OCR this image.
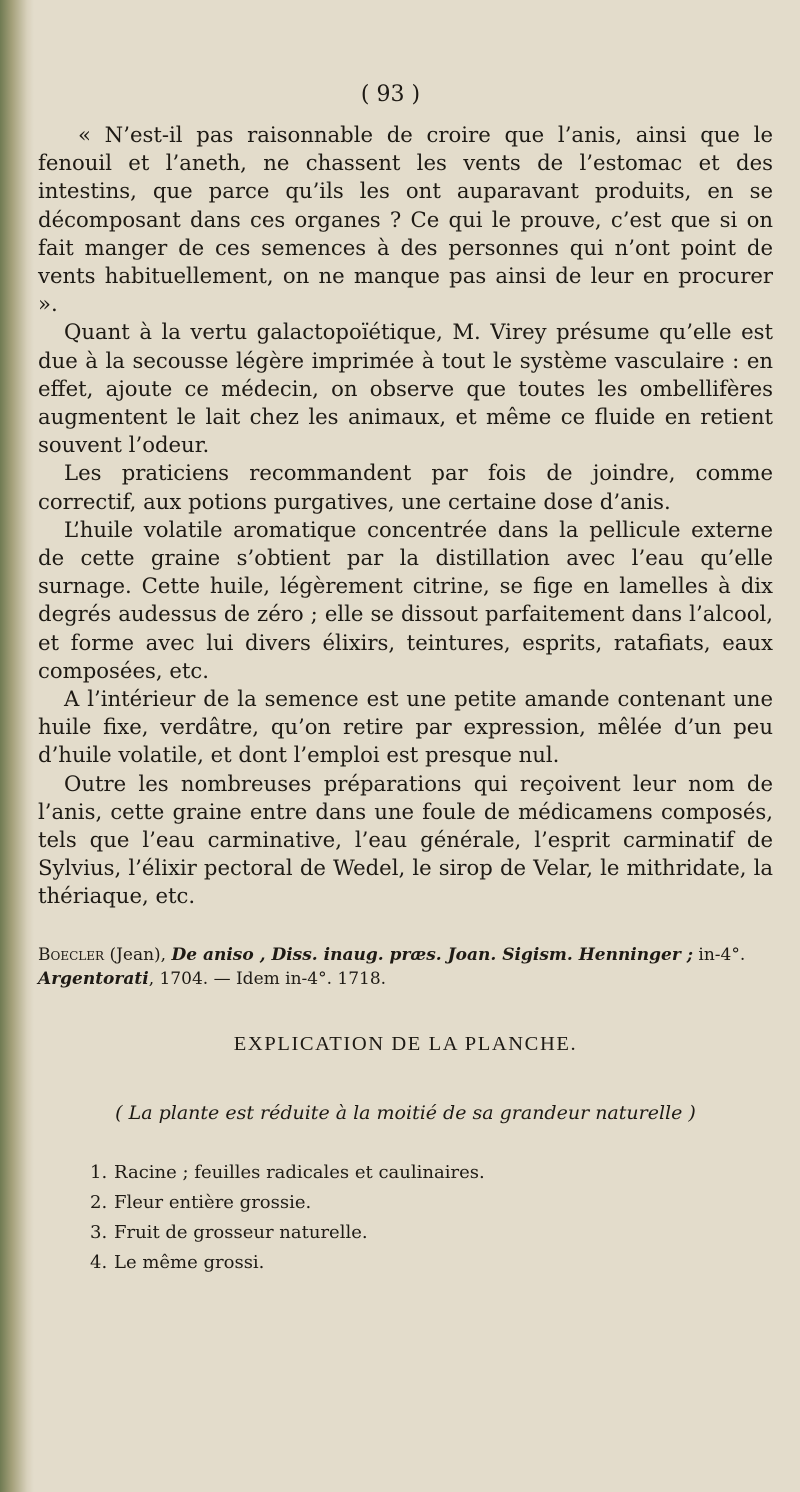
( 93 )

« N’est-il pas raisonnable de croire que l’anis, ainsi que le fenouil et l’aneth, ne chassent les vents de l’estomac et des intestins, que parce qu’ils les ont auparavant produits, en se décomposant dans ces organes ? Ce qui le prouve, c’est que si on fait manger de ces semences à des personnes qui n’ont point de vents habituellement, on ne manque pas ainsi de leur en procurer ».

Quant à la vertu galactopoïétique, M. Virey présume qu’elle est due à la secousse légère imprimée à tout le système vasculaire : en effet, ajoute ce médecin, on observe que toutes les ombellifères augmentent le lait chez les animaux, et même ce fluide en retient souvent l’odeur.

Les praticiens recommandent par fois de joindre, comme correctif, aux potions purgatives, une certaine dose d’anis.

L’huile volatile aromatique concentrée dans la pellicule externe de cette graine s’obtient par la distillation avec l’eau qu’elle surnage. Cette huile, légèrement citrine, se fige en lamelles à dix degrés audessus de zéro ; elle se dissout parfaitement dans l’alcool, et forme avec lui divers élixirs, teintures, esprits, ratafiats, eaux composées, etc.

A l’intérieur de la semence est une petite amande contenant une huile fixe, verdâtre, qu’on retire par expression, mêlée d’un peu d’huile volatile, et dont l’emploi est presque nul.

Outre les nombreuses préparations qui reçoivent leur nom de l’anis, cette graine entre dans une foule de médicamens composés, tels que l’eau carminative, l’eau générale, l’esprit carminatif de Sylvius, l’élixir pectoral de Wedel, le sirop de Velar, le mithridate, la thériaque, etc.

Boecler (Jean), De aniso , Diss. inaug. præs. Joan. Sigism. Henninger ; in-4°. Argentorati, 1704. — Idem in-4°. 1718.
EXPLICATION DE LA PLANCHE.
( La plante est réduite à la moitié de sa grandeur naturelle )
1. Racine ; feuilles radicales et caulinaires.
2. Fleur entière grossie.
3. Fruit de grosseur naturelle.
4. Le même grossi.
